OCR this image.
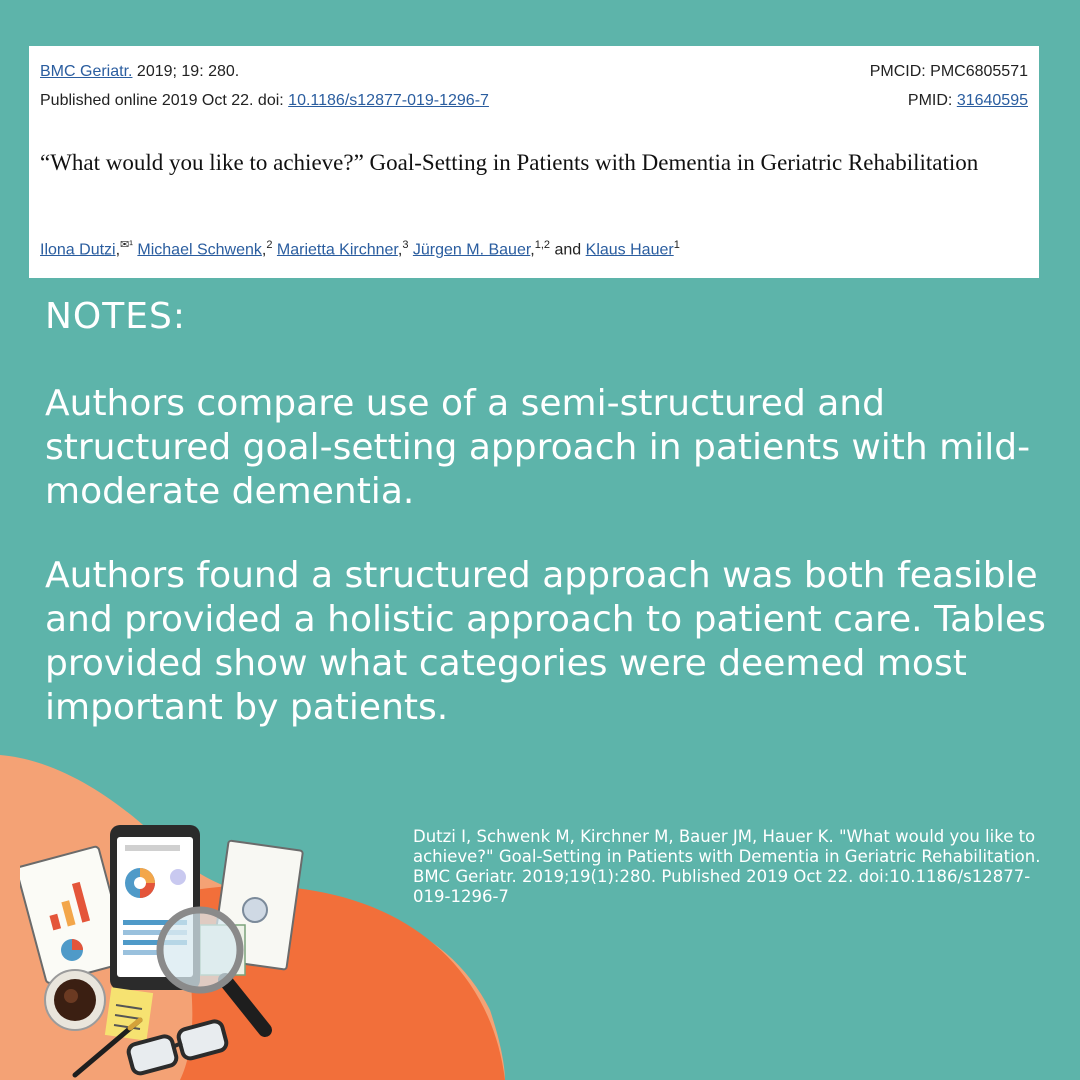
BMC Geriatr. 2019; 19: 280.	PMCID: PMC6805571
Published online 2019 Oct 22. doi: 10.1186/s12877-019-1296-7	PMID: 31640595
“What would you like to achieve?” Goal-Setting in Patients with Dementia in Geriatric Rehabilitation
Ilona Dutzi,$^{✉^1}$ Michael Schwenk,$^2$ Marietta Kirchner,$^3$ Jürgen M. Bauer,$^{1,2}$ and Klaus Hauer$^1$
NOTES:
Authors compare use of a semi-structured and structured goal-setting approach in patients with mild-moderate dementia.
Authors found a structured approach was both feasible and provided a holistic approach to patient care. Tables provided show what categories were deemed most important by patients.
Dutzi I, Schwenk M, Kirchner M, Bauer JM, Hauer K. "What would you like to achieve?" Goal-Setting in Patients with Dementia in Geriatric Rehabilitation. BMC Geriatr. 2019;19(1):280. Published 2019 Oct 22. doi:10.1186/s12877-019-1296-7
